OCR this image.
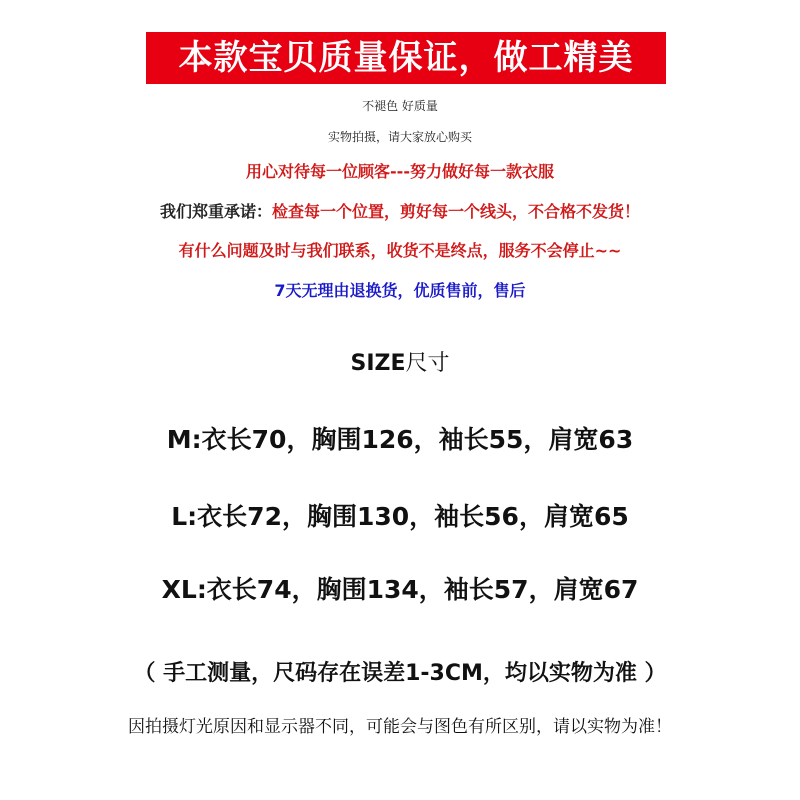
本款宝贝质量保证，做工精美
不褪色 好质量
实物拍摄，请大家放心购买
用心对待每一位顾客---努力做好每一款衣服
我们郑重承诺：检查每一个位置，剪好每一个线头，不合格不发货！
有什么问题及时与我们联系，收货不是终点，服务不会停止~~
7天无理由退换货，优质售前，售后
SIZE尺寸
M:衣长70，胸围126，袖长55，肩宽63
L:衣长72，胸围130，袖长56，肩宽65
XL:衣长74，胸围134，袖长57，肩宽67
（ 手工测量，尺码存在误差1-3CM，均以实物为准 ）
因拍摄灯光原因和显示器不同，可能会与图色有所区别，请以实物为准！
